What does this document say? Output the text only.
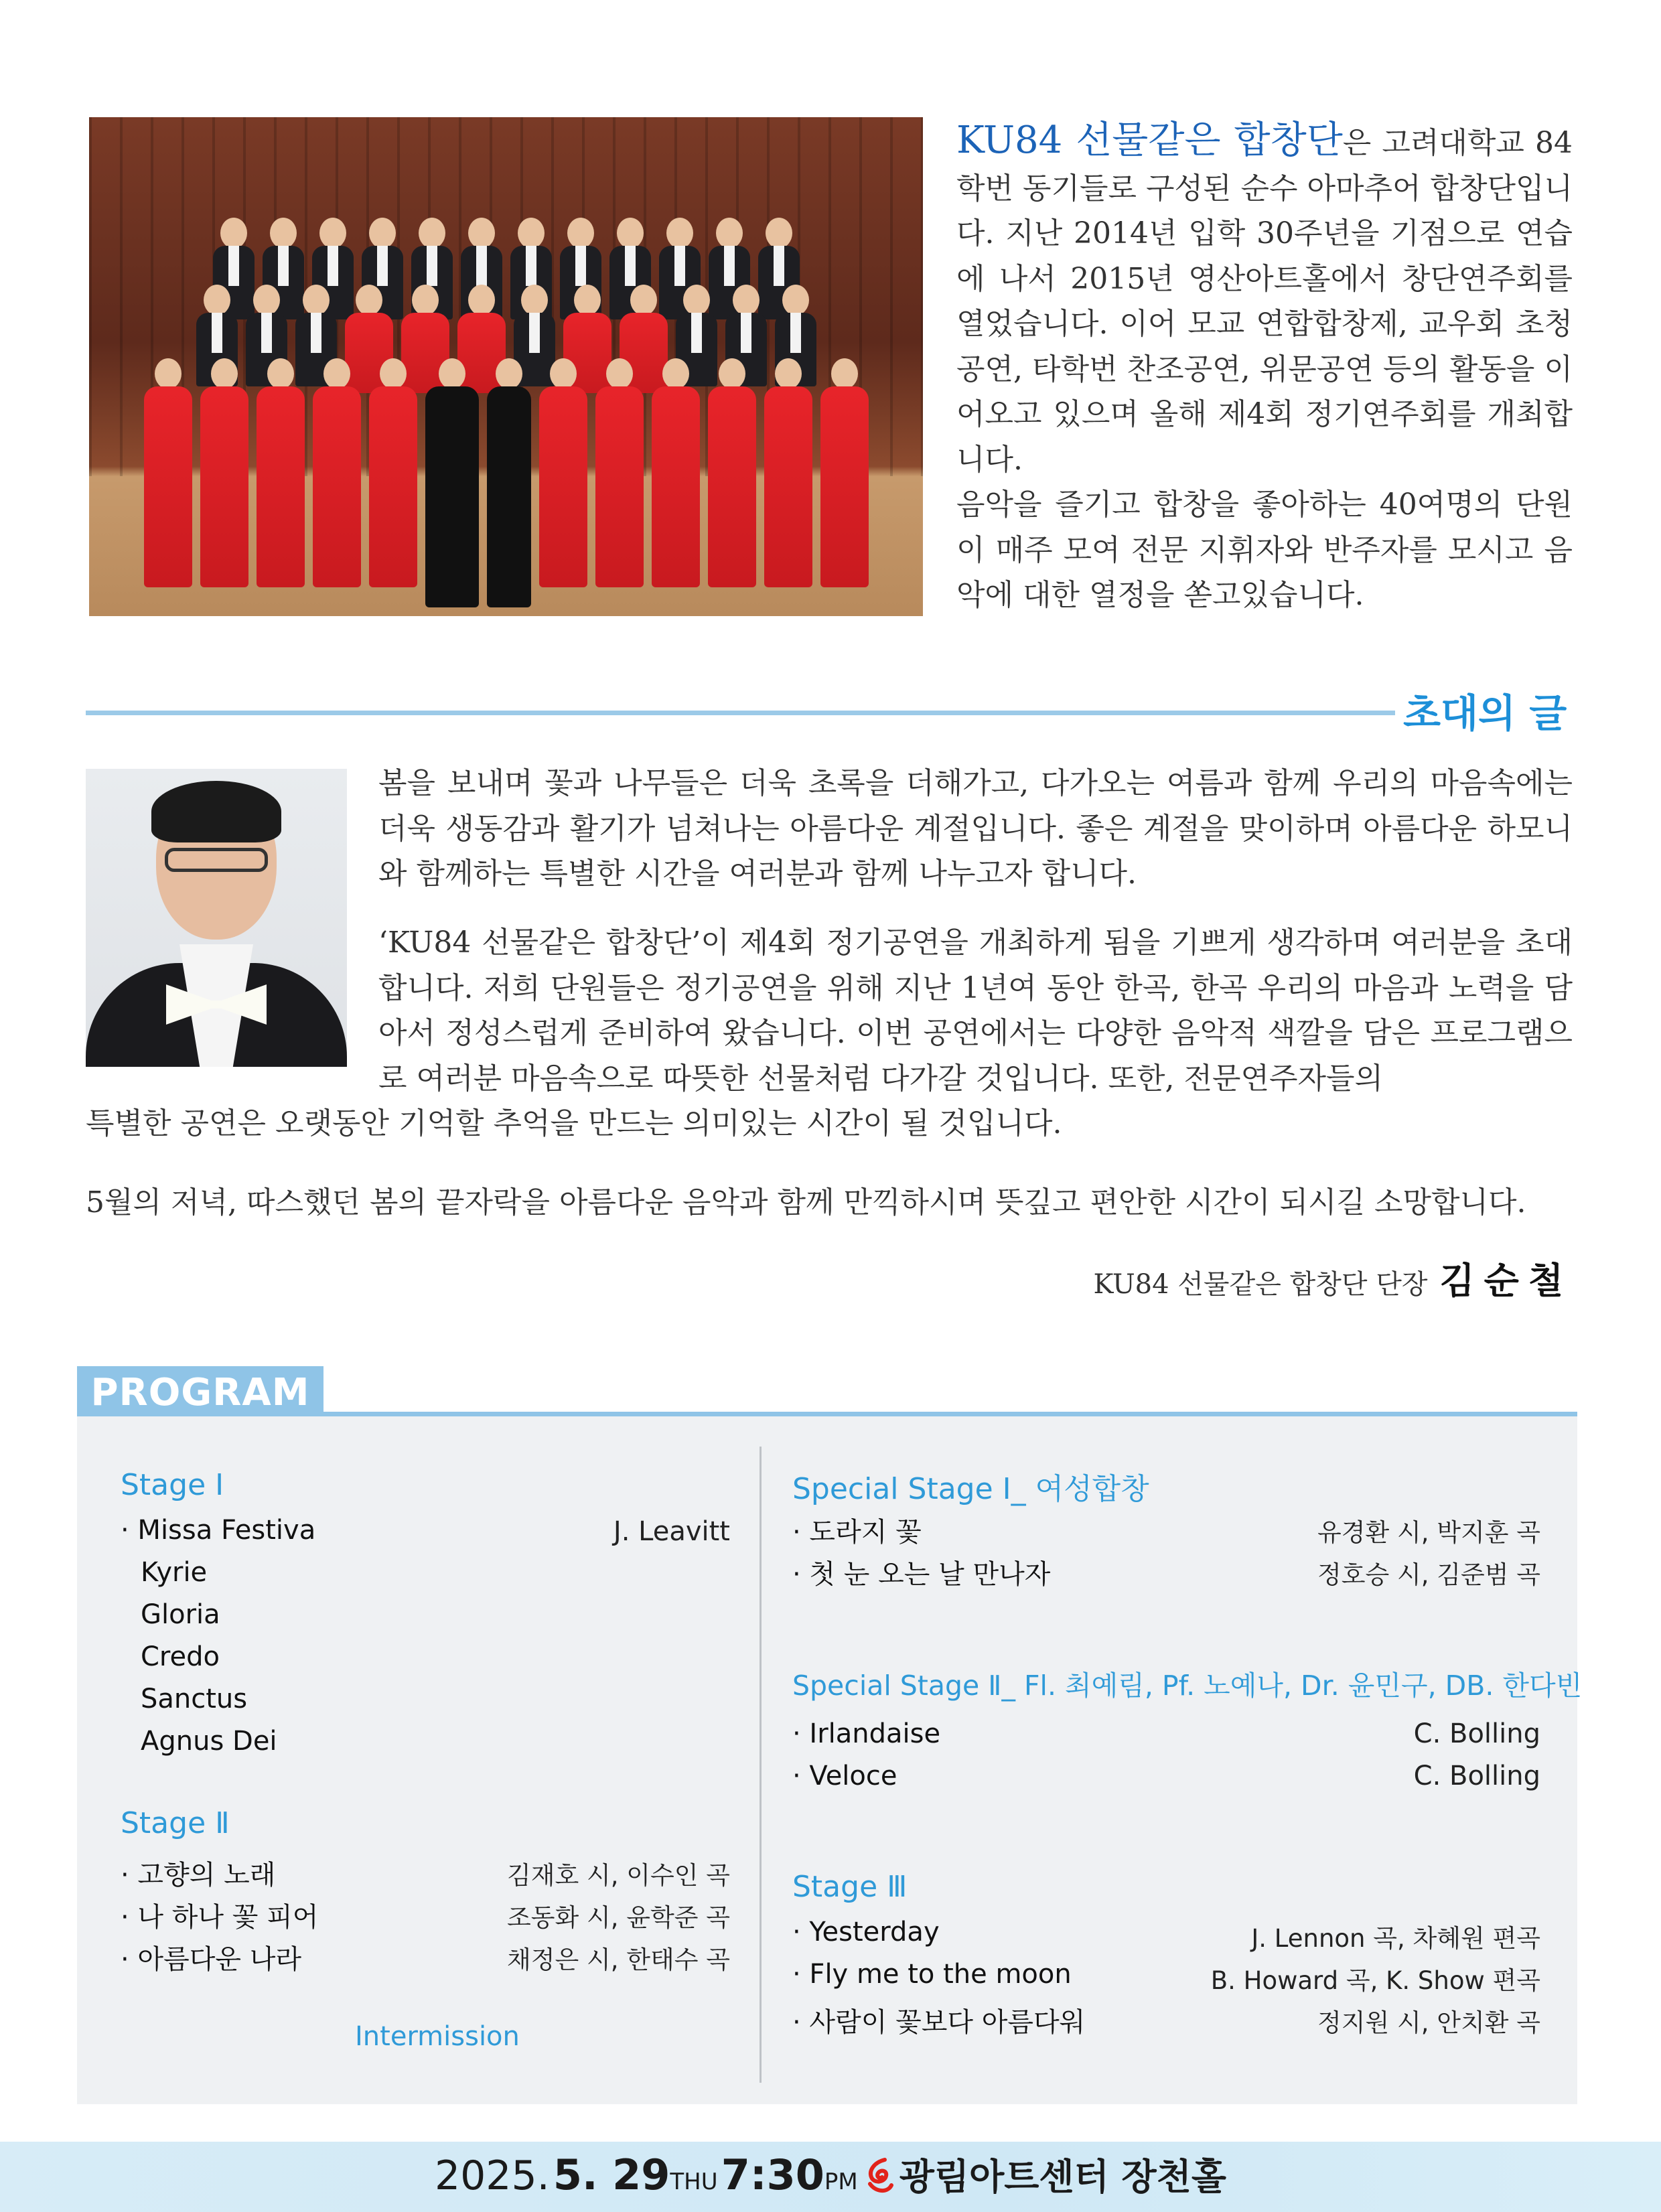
KU84 선물같은 합창단은 고려대학교 84학번 동기들로 구성된 순수 아마추어 합창단입니다. 지난 2014년 입학 30주년을 기점으로 연습에 나서 2015년 영산아트홀에서 창단연주회를 열었습니다. 이어 모교 연합합창제, 교우회 초청공연, 타학번 찬조공연, 위문공연 등의 활동을 이어오고 있으며 올해 제4회 정기연주회를 개최합니다.
음악을 즐기고 합창을 좋아하는 40여명의 단원이 매주 모여 전문 지휘자와 반주자를 모시고 음악에 대한 열정을 쏟고있습니다.
초대의 글
봄을 보내며 꽃과 나무들은 더욱 초록을 더해가고, 다가오는 여름과 함께 우리의 마음속에는 더욱 생동감과 활기가 넘쳐나는 아름다운 계절입니다. 좋은 계절을 맞이하며 아름다운 하모니와 함께하는 특별한 시간을 여러분과 함께 나누고자 합니다.
‘KU84 선물같은 합창단’이 제4회 정기공연을 개최하게 됨을 기쁘게 생각하며 여러분을 초대합니다. 저희 단원들은 정기공연을 위해 지난 1년여 동안 한곡, 한곡 우리의 마음과 노력을 담아서 정성스럽게 준비하여 왔습니다. 이번 공연에서는 다양한 음악적 색깔을 담은 프로그램으로 여러분 마음속으로 따뜻한 선물처럼 다가갈 것입니다. 또한, 전문연주자들의
특별한 공연은 오랫동안 기억할 추억을 만드는 의미있는 시간이 될 것입니다.
5월의 저녁, 따스했던 봄의 끝자락을 아름다운 음악과 함께 만끽하시며 뜻깊고 편안한 시간이 되시길 소망합니다.
KU84 선물같은 합창단 단장 김순철
PROGRAM
Stage Ⅰ
· Missa Festiva	J. Leavitt
Kyrie
Gloria
Credo
Sanctus
Agnus Dei
Stage Ⅱ
· 고향의 노래	김재호 시, 이수인 곡
· 나 하나 꽃 피어	조동화 시, 윤학준 곡
· 아름다운 나라	채정은 시, 한태수 곡
Intermission
Special Stage Ⅰ_ 여성합창
· 도라지 꽃	유경환 시, 박지훈 곡
· 첫 눈 오는 날 만나자	정호승 시, 김준범 곡
Special Stage Ⅱ_ Fl. 최예림, Pf. 노예나, Dr. 윤민구, DB. 한다빈
· Irlandaise	C. Bolling
· Veloce	C. Bolling
Stage Ⅲ
· Yesterday	J. Lennon 곡, 차혜원 편곡
· Fly me to the moon	B. Howard 곡, K. Show 편곡
· 사람이 꽃보다 아름다워	정지원 시, 안치환 곡
2025. 5. 29THU 7:30PM 광림아트센터 장천홀
